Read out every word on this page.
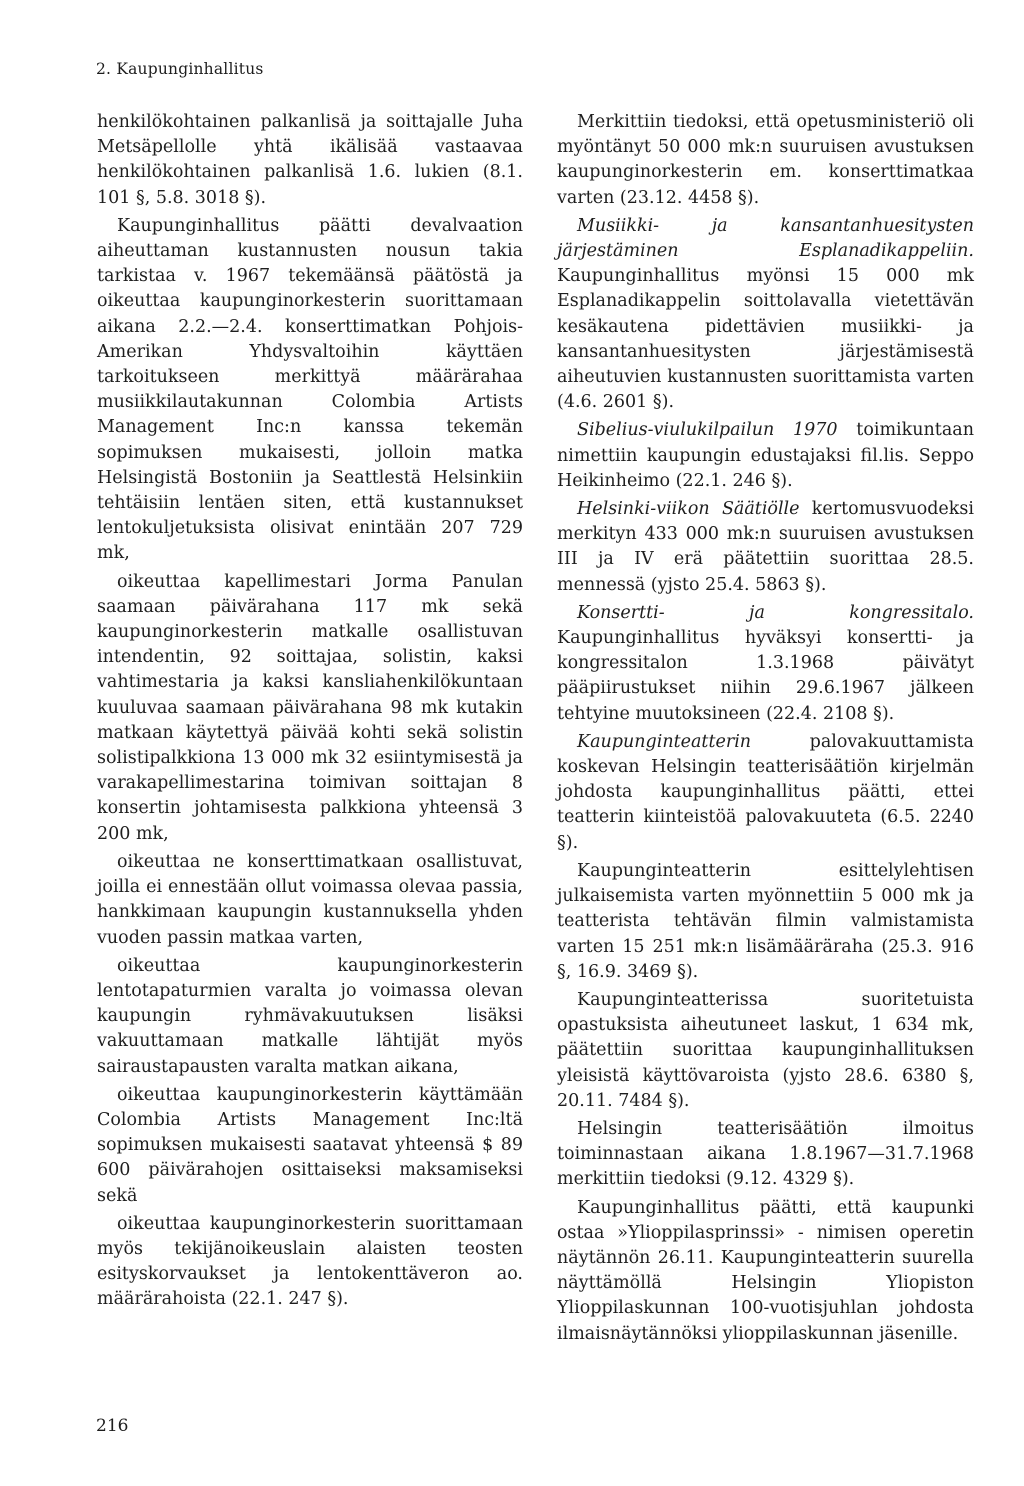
2. Kaupunginhallitus

henkilökohtainen palkanlisä ja soittajalle Juha Metsäpellolle yhtä ikälisää vastaavaa henkilökohtainen palkanlisä 1.6. lukien (8.1. 101 §, 5.8. 3018 §).

Kaupunginhallitus päätti devalvaation aiheuttaman kustannusten nousun takia tarkistaa v. 1967 tekemäänsä päätöstä ja oikeuttaa kaupunginorkesterin suorittamaan aikana 2.2.—2.4. konserttimatkan Pohjois-Amerikan Yhdysvaltoihin käyttäen tarkoitukseen merkittyä määrärahaa musiikkilautakunnan Colombia Artists Management Inc:n kanssa tekemän sopimuksen mukaisesti, jolloin matka Helsingistä Bostoniin ja Seattlestä Helsinkiin tehtäisiin lentäen siten, että kustannukset lentokuljetuksista olisivat enintään 207 729 mk,

oikeuttaa kapellimestari Jorma Panulan saamaan päivärahana 117 mk sekä kaupunginorkesterin matkalle osallistuvan intendentin, 92 soittajaa, solistin, kaksi vahtimestaria ja kaksi kansliahenkilökuntaan kuuluvaa saamaan päivärahana 98 mk kutakin matkaan käytettyä päivää kohti sekä solistin solistipalkkiona 13 000 mk 32 esiintymisestä ja varakapellimestarina toimivan soittajan 8 konsertin johtamisesta palkkiona yhteensä 3 200 mk,

oikeuttaa ne konserttimatkaan osallistuvat, joilla ei ennestään ollut voimassa olevaa passia, hankkimaan kaupungin kustannuksella yhden vuoden passin matkaa varten,

oikeuttaa kaupunginorkesterin lentotapaturmien varalta jo voimassa olevan kaupungin ryhmävakuutuksen lisäksi vakuuttamaan matkalle lähtijät myös sairaustapausten varalta matkan aikana,

oikeuttaa kaupunginorkesterin käyttämään Colombia Artists Management Inc:ltä sopimuksen mukaisesti saatavat yhteensä $ 89 600 päivärahojen osittaiseksi maksamiseksi sekä

oikeuttaa kaupunginorkesterin suorittamaan myös tekijänoikeuslain alaisten teosten esityskorvaukset ja lentokenttäveron ao. määrärahoista (22.1. 247 §).

Merkittiin tiedoksi, että opetusministeriö oli myöntänyt 50 000 mk:n suuruisen avustuksen kaupunginorkesterin em. konserttimatkaa varten (23.12. 4458 §).

Musiikki- ja kansantanhuesitysten järjestäminen Esplanadikappeliin. Kaupunginhallitus myönsi 15 000 mk Esplanadikappelin soittolavalla vietettävän kesäkautena pidettävien musiikki- ja kansantanhuesitysten järjestämisestä aiheutuvien kustannusten suorittamista varten (4.6. 2601 §).

Sibelius-viulukilpailun 1970 toimikuntaan nimettiin kaupungin edustajaksi fil.lis. Seppo Heikinheimo (22.1. 246 §).

Helsinki-viikon Säätiölle kertomusvuodeksi merkityn 433 000 mk:n suuruisen avustuksen III ja IV erä päätettiin suorittaa 28.5. mennessä (yjsto 25.4. 5863 §).

Konsertti- ja kongressitalo. Kaupunginhallitus hyväksyi konsertti- ja kongressitalon 1.3.1968 päivätyt pääpiirustukset niihin 29.6.1967 jälkeen tehtyine muutoksineen (22.4. 2108 §).

Kaupunginteatterin	palovakuuttamista koskevan Helsingin teatterisäätiön kirjelmän johdosta kaupunginhallitus päätti, ettei teatterin kiinteistöä palovakuuteta (6.5. 2240 §).

Kaupunginteatterin esittelylehtisen julkaisemista varten myönnettiin 5 000 mk ja teatterista tehtävän filmin valmistamista varten 15 251 mk:n lisämääräraha (25.3. 916 §, 16.9. 3469 §).

Kaupunginteatterissa suoritetuista opastuksista aiheutuneet laskut, 1 634 mk, päätettiin suorittaa kaupunginhallituksen yleisistä käyttövaroista (yjsto 28.6. 6380 §, 20.11. 7484 §).

Helsingin teatterisäätiön ilmoitus toiminnastaan aikana 1.8.1967—31.7.1968 merkittiin tiedoksi (9.12. 4329 §).

Kaupunginhallitus päätti, että kaupunki ostaa »Ylioppilasprinssi» - nimisen operetin näytännön 26.11. Kaupunginteatterin suurella näyttämöllä Helsingin Yliopiston Ylioppilaskunnan 100-vuotisjuhlan johdosta ilmaisnäytännöksi ylioppilaskunnan jäsenille.

216
